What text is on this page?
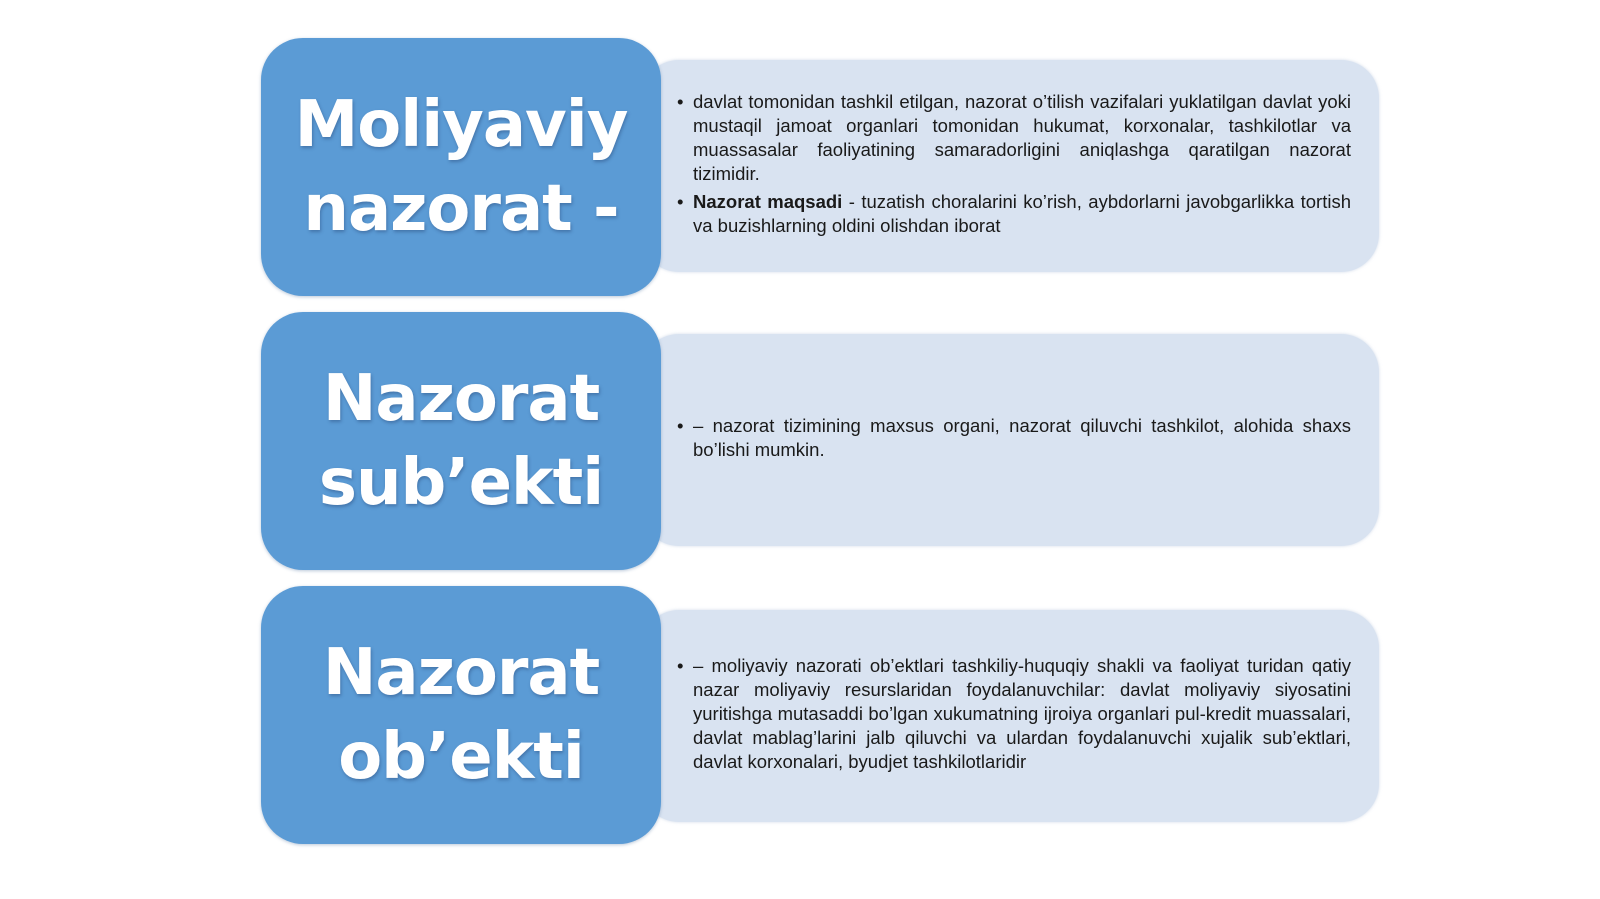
• davlat tomonidan tashkil etilgan, nazorat o’tilish vazifalari yuklatilgan davlat yoki mustaqil jamoat organlari tomonidan hukumat, korxonalar, tashkilotlar va muassasalar faoliyatining samaradorligini aniqlashga qaratilgan nazorat tizimidir.
• Nazorat maqsadi - tuzatish choralarini ko’rish, aybdorlarni javobgarlikka tortish va buzishlarning oldini olishdan iborat
Moliyaviy
nazorat -
• – nazorat tizimining maxsus organi, nazorat qiluvchi tashkilot, alohida shaxs bo’lishi mumkin.
Nazorat
sub’ekti
• – moliyaviy nazorati ob’ektlari tashkiliy-huquqiy shakli va faoliyat turidan qatiy nazar moliyaviy resurslaridan foydalanuvchilar: davlat moliyaviy siyosatini yuritishga mutasaddi bo’lgan xukumatning ijroiya organlari pul-kredit muassalari, davlat mablag’larini jalb qiluvchi va ulardan foydalanuvchi xujalik sub’ektlari, davlat korxonalari, byudjet tashkilotlaridir
Nazorat
ob’ekti
